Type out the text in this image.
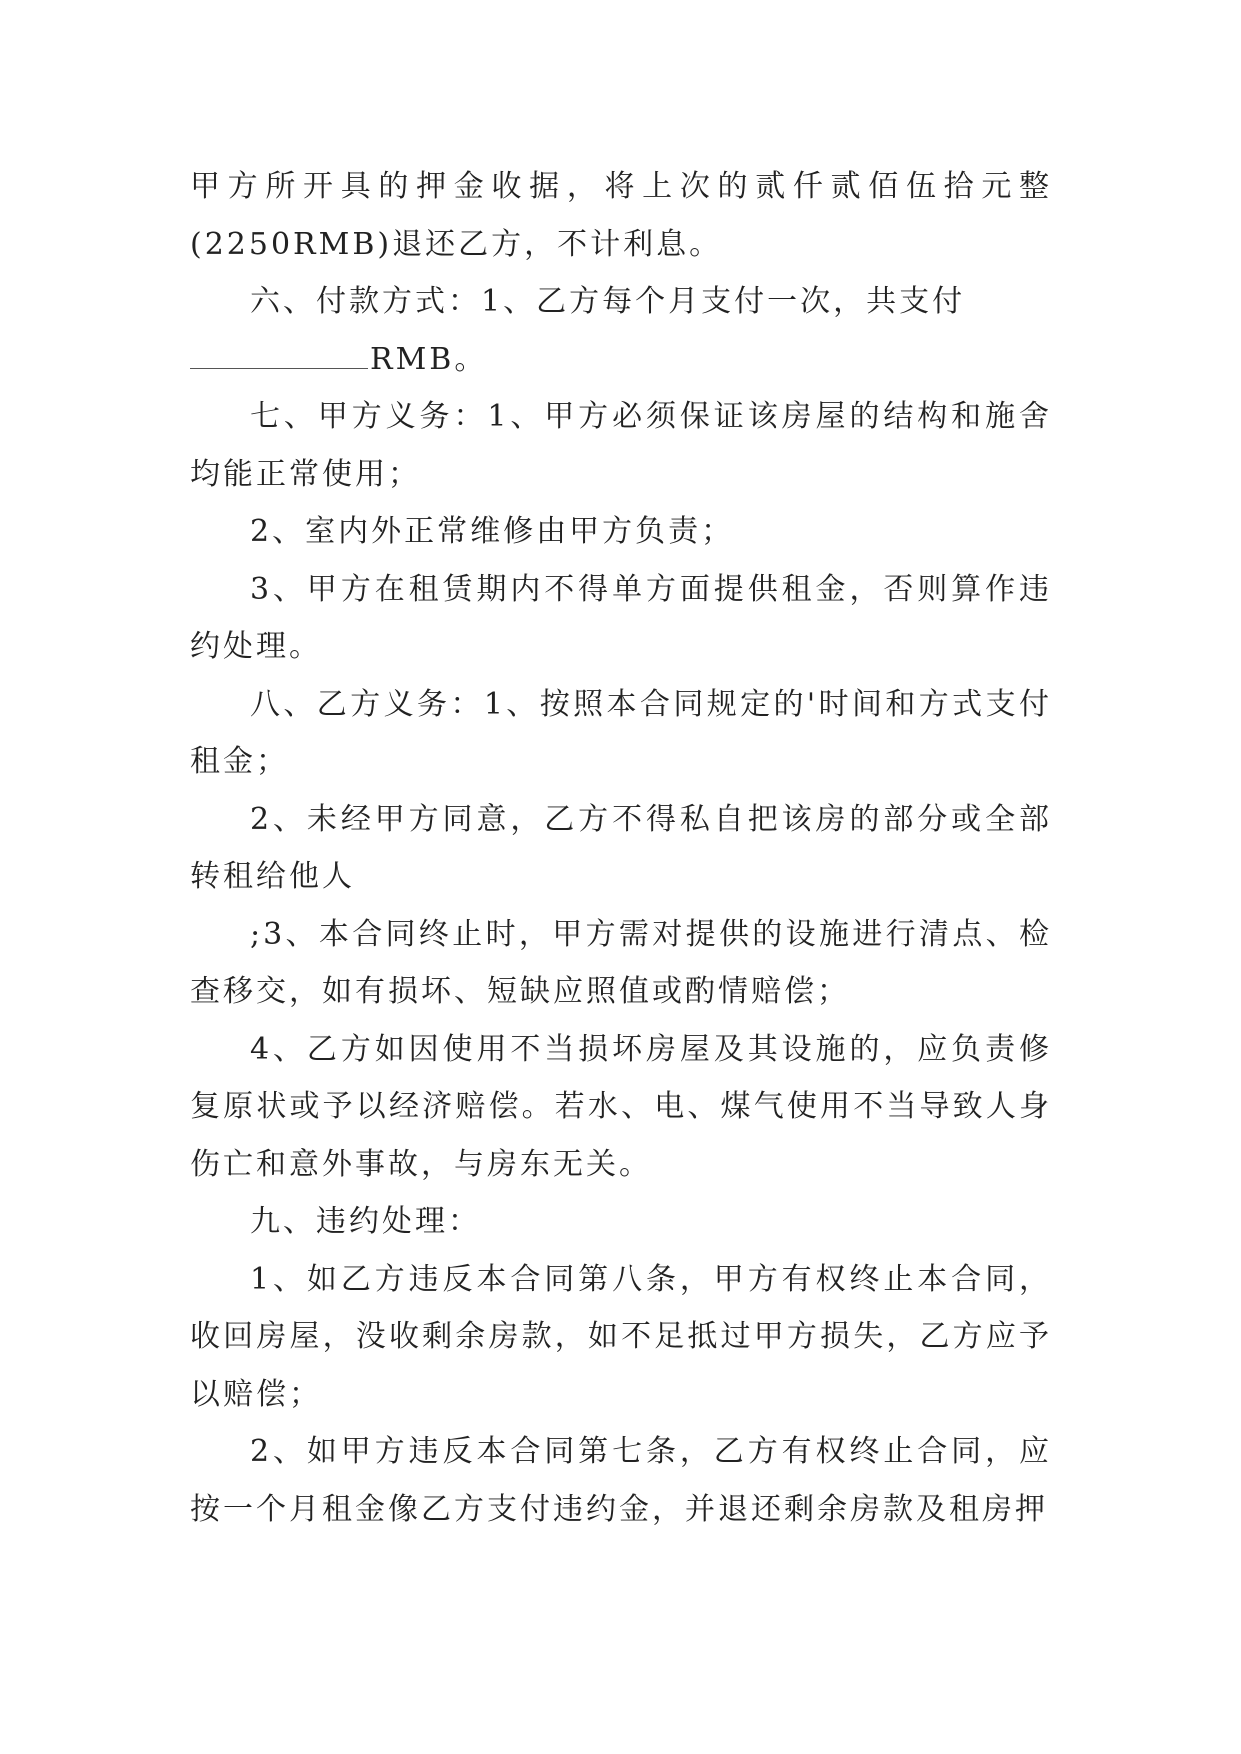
甲方所开具的押金收据，将上次的贰仟贰佰伍拾元整(2250RMB)退还乙方，不计利息。

六、付款方式：1、乙方每个月支付一次，共支付

RMB。

七、甲方义务：1、甲方必须保证该房屋的结构和施舍均能正常使用；

2、室内外正常维修由甲方负责；

3、甲方在租赁期内不得单方面提供租金，否则算作违约处理。

八、乙方义务：1、按照本合同规定的'时间和方式支付租金；

2、未经甲方同意，乙方不得私自把该房的部分或全部转租给他人

;3、本合同终止时，甲方需对提供的设施进行清点、检查移交，如有损坏、短缺应照值或酌情赔偿；

4、乙方如因使用不当损坏房屋及其设施的，应负责修复原状或予以经济赔偿。若水、电、煤气使用不当导致人身伤亡和意外事故，与房东无关。

九、违约处理：

1、如乙方违反本合同第八条，甲方有权终止本合同，收回房屋，没收剩余房款，如不足抵过甲方损失，乙方应予以赔偿；

2、如甲方违反本合同第七条，乙方有权终止合同，应按一个月租金像乙方支付违约金，并退还剩余房款及租房押
